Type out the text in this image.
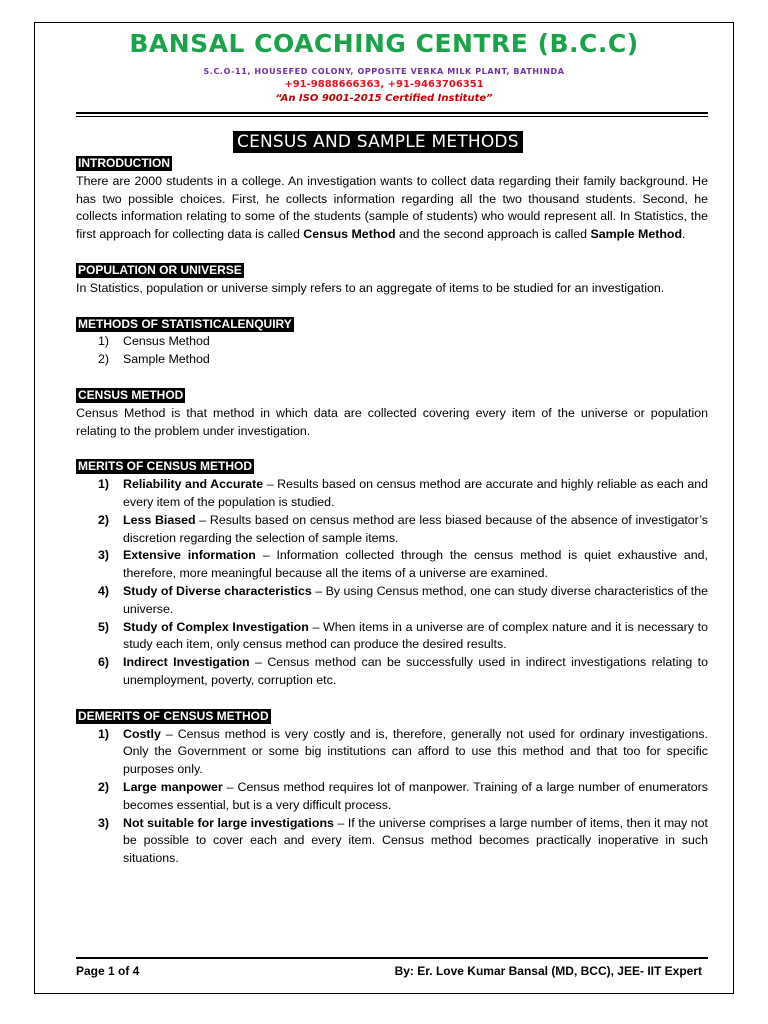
BANSAL COACHING CENTRE (B.C.C)
S.C.O-11, HOUSEFED COLONY, OPPOSITE VERKA MILK PLANT, BATHINDA
+91-9888666363, +91-9463706351
“An ISO 9001-2015 Certified Institute”
CENSUS AND SAMPLE METHODS
INTRODUCTION

There are 2000 students in a college. An investigation wants to collect data regarding their family background. He has two possible choices. First, he collects information regarding all the two thousand students. Second, he collects information relating to some of the students (sample of students) who would represent all. In Statistics, the first approach for collecting data is called Census Method and the second approach is called Sample Method.

POPULATION OR UNIVERSE

In Statistics, population or universe simply refers to an aggregate of items to be studied for an investigation.

METHODS OF STATISTICALENQUIRY
1) Census Method
2) Sample Method
CENSUS METHOD

Census Method is that method in which data are collected covering every item of the universe or population relating to the problem under investigation.

MERITS OF CENSUS METHOD
1) Reliability and Accurate – Results based on census method are accurate and highly reliable as each and every item of the population is studied.
2) Less Biased – Results based on census method are less biased because of the absence of investigator’s discretion regarding the selection of sample items.
3) Extensive information – Information collected through the census method is quiet exhaustive and, therefore, more meaningful because all the items of a universe are examined.
4) Study of Diverse characteristics – By using Census method, one can study diverse characteristics of the universe.
5) Study of Complex Investigation – When items in a universe are of complex nature and it is necessary to study each item, only census method can produce the desired results.
6) Indirect Investigation – Census method can be successfully used in indirect investigations relating to unemployment, poverty, corruption etc.
DEMERITS OF CENSUS METHOD
1) Costly – Census method is very costly and is, therefore, generally not used for ordinary investigations. Only the Government or some big institutions can afford to use this method and that too for specific purposes only.
2) Large manpower – Census method requires lot of manpower. Training of a large number of enumerators becomes essential, but is a very difficult process.
3) Not suitable for large investigations – If the universe comprises a large number of items, then it may not be possible to cover each and every item. Census method becomes practically inoperative in such situations.
Page 1 of 4	By: Er. Love Kumar Bansal (MD, BCC), JEE- IIT Expert
